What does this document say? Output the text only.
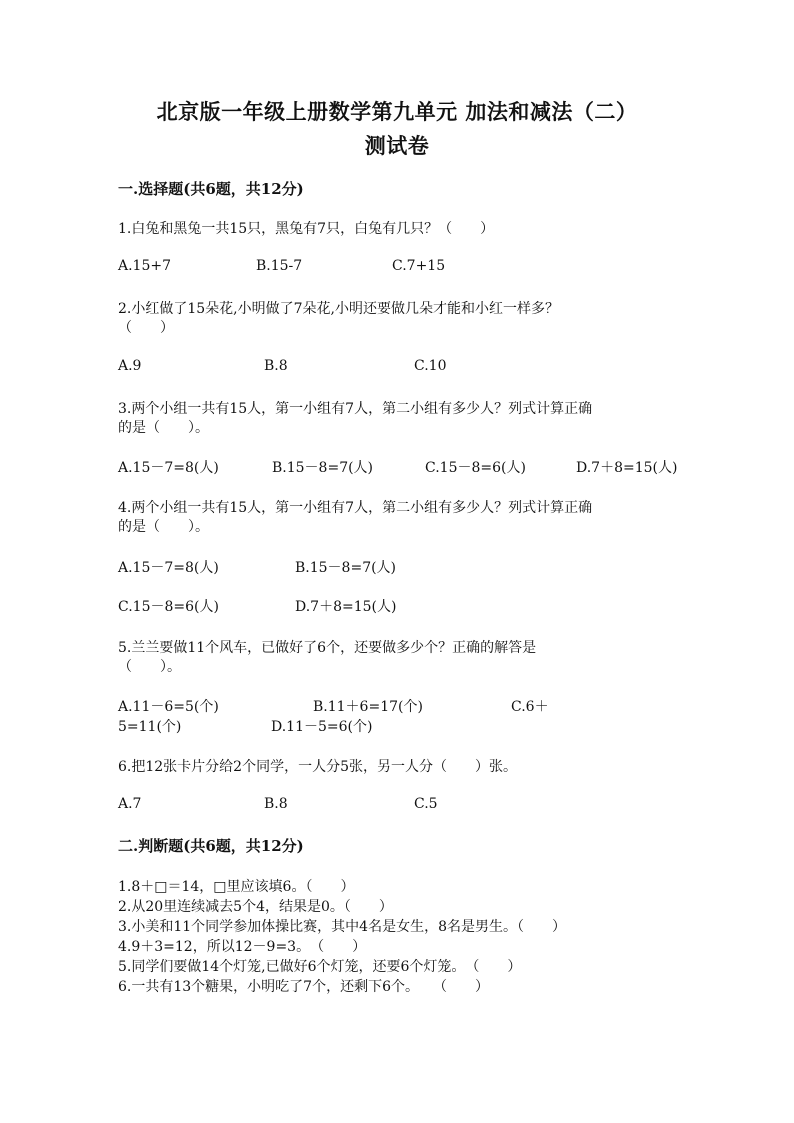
北京版一年级上册数学第九单元 加法和减法（二）
测试卷
一.选择题(共6题，共12分)
1.白兔和黑兔一共15只，黑兔有7只，白兔有几只？（　　）
A.15+7	B.15-7	C.7+15
2.小红做了15朵花,小明做了7朵花,小明还要做几朵才能和小红一样多？
（　　）
A.9	B.8	C.10
3.两个小组一共有15人，第一小组有7人，第二小组有多少人？列式计算正确
的是（　　）。
A.15－7=8(人)	B.15－8=7(人)	C.15－8=6(人)	D.7＋8=15(人)
4.两个小组一共有15人，第一小组有7人，第二小组有多少人？列式计算正确
的是（　　）。
A.15－7=8(人)	B.15－8=7(人)
C.15－8=6(人)	D.7＋8=15(人)
5.兰兰要做11个风车，已做好了6个，还要做多少个？正确的解答是
（　　）。
A.11－6=5(个)	B.11＋6=17(个)	C.6＋
5=11(个)	D.11－5=6(个)
6.把12张卡片分给2个同学，一人分5张，另一人分（　　）张。
A.7	B.8	C.5
二.判断题(共6题，共12分)
1.8＋□＝14，□里应该填6。（　　）
2.从20里连续减去5个4，结果是0。（　　）
3.小美和11个同学参加体操比赛，其中4名是女生，8名是男生。（　　）
4.9＋3=12，所以12－9=3。　（　　）
5.同学们要做14个灯笼,已做好6个灯笼，还要6个灯笼。　（　　）
6.一共有13个糖果，小明吃了7个，还剩下6个。　　（　　）
